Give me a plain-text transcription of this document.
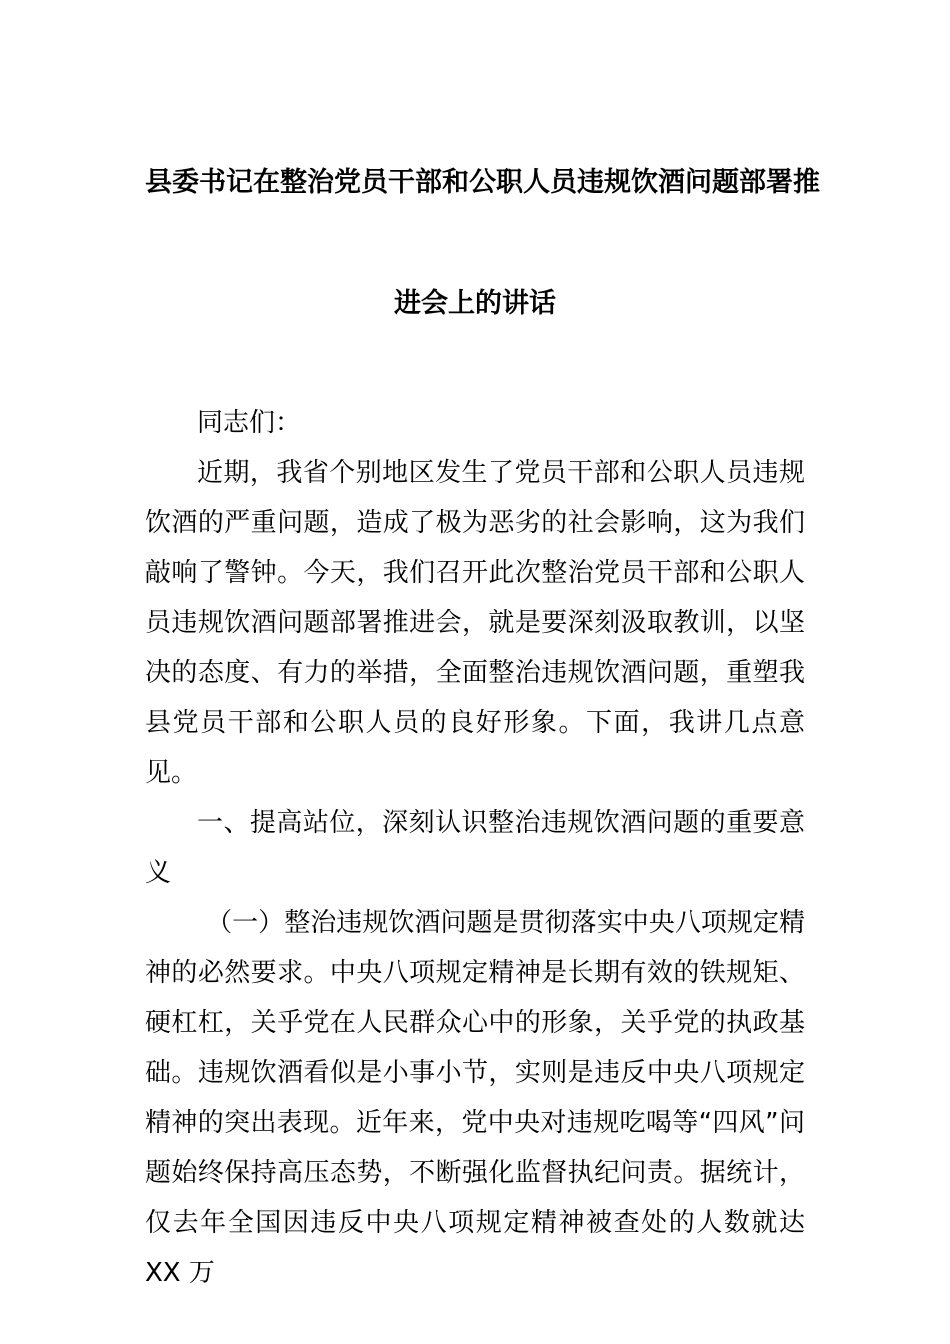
县委书记在整治党员干部和公职人员违规饮酒问题部署推
进会上的讲话

同志们：

近期，我省个别地区发生了党员干部和公职人员违规饮酒的严重问题，造成了极为恶劣的社会影响，这为我们敲响了警钟。今天，我们召开此次整治党员干部和公职人员违规饮酒问题部署推进会，就是要深刻汲取教训，以坚决的态度、有力的举措，全面整治违规饮酒问题，重塑我县党员干部和公职人员的良好形象。下面，我讲几点意见。

一、提高站位，深刻认识整治违规饮酒问题的重要意义

（一）整治违规饮酒问题是贯彻落实中央八项规定精神的必然要求。中央八项规定精神是长期有效的铁规矩、硬杠杠，关乎党在人民群众心中的形象，关乎党的执政基础。违规饮酒看似是小事小节，实则是违反中央八项规定精神的突出表现。近年来，党中央对违规吃喝等“四风”问题始终保持高压态势，不断强化监督执纪问责。据统计，仅去年全国因违反中央八项规定精神被查处的人数就达 XX 万
